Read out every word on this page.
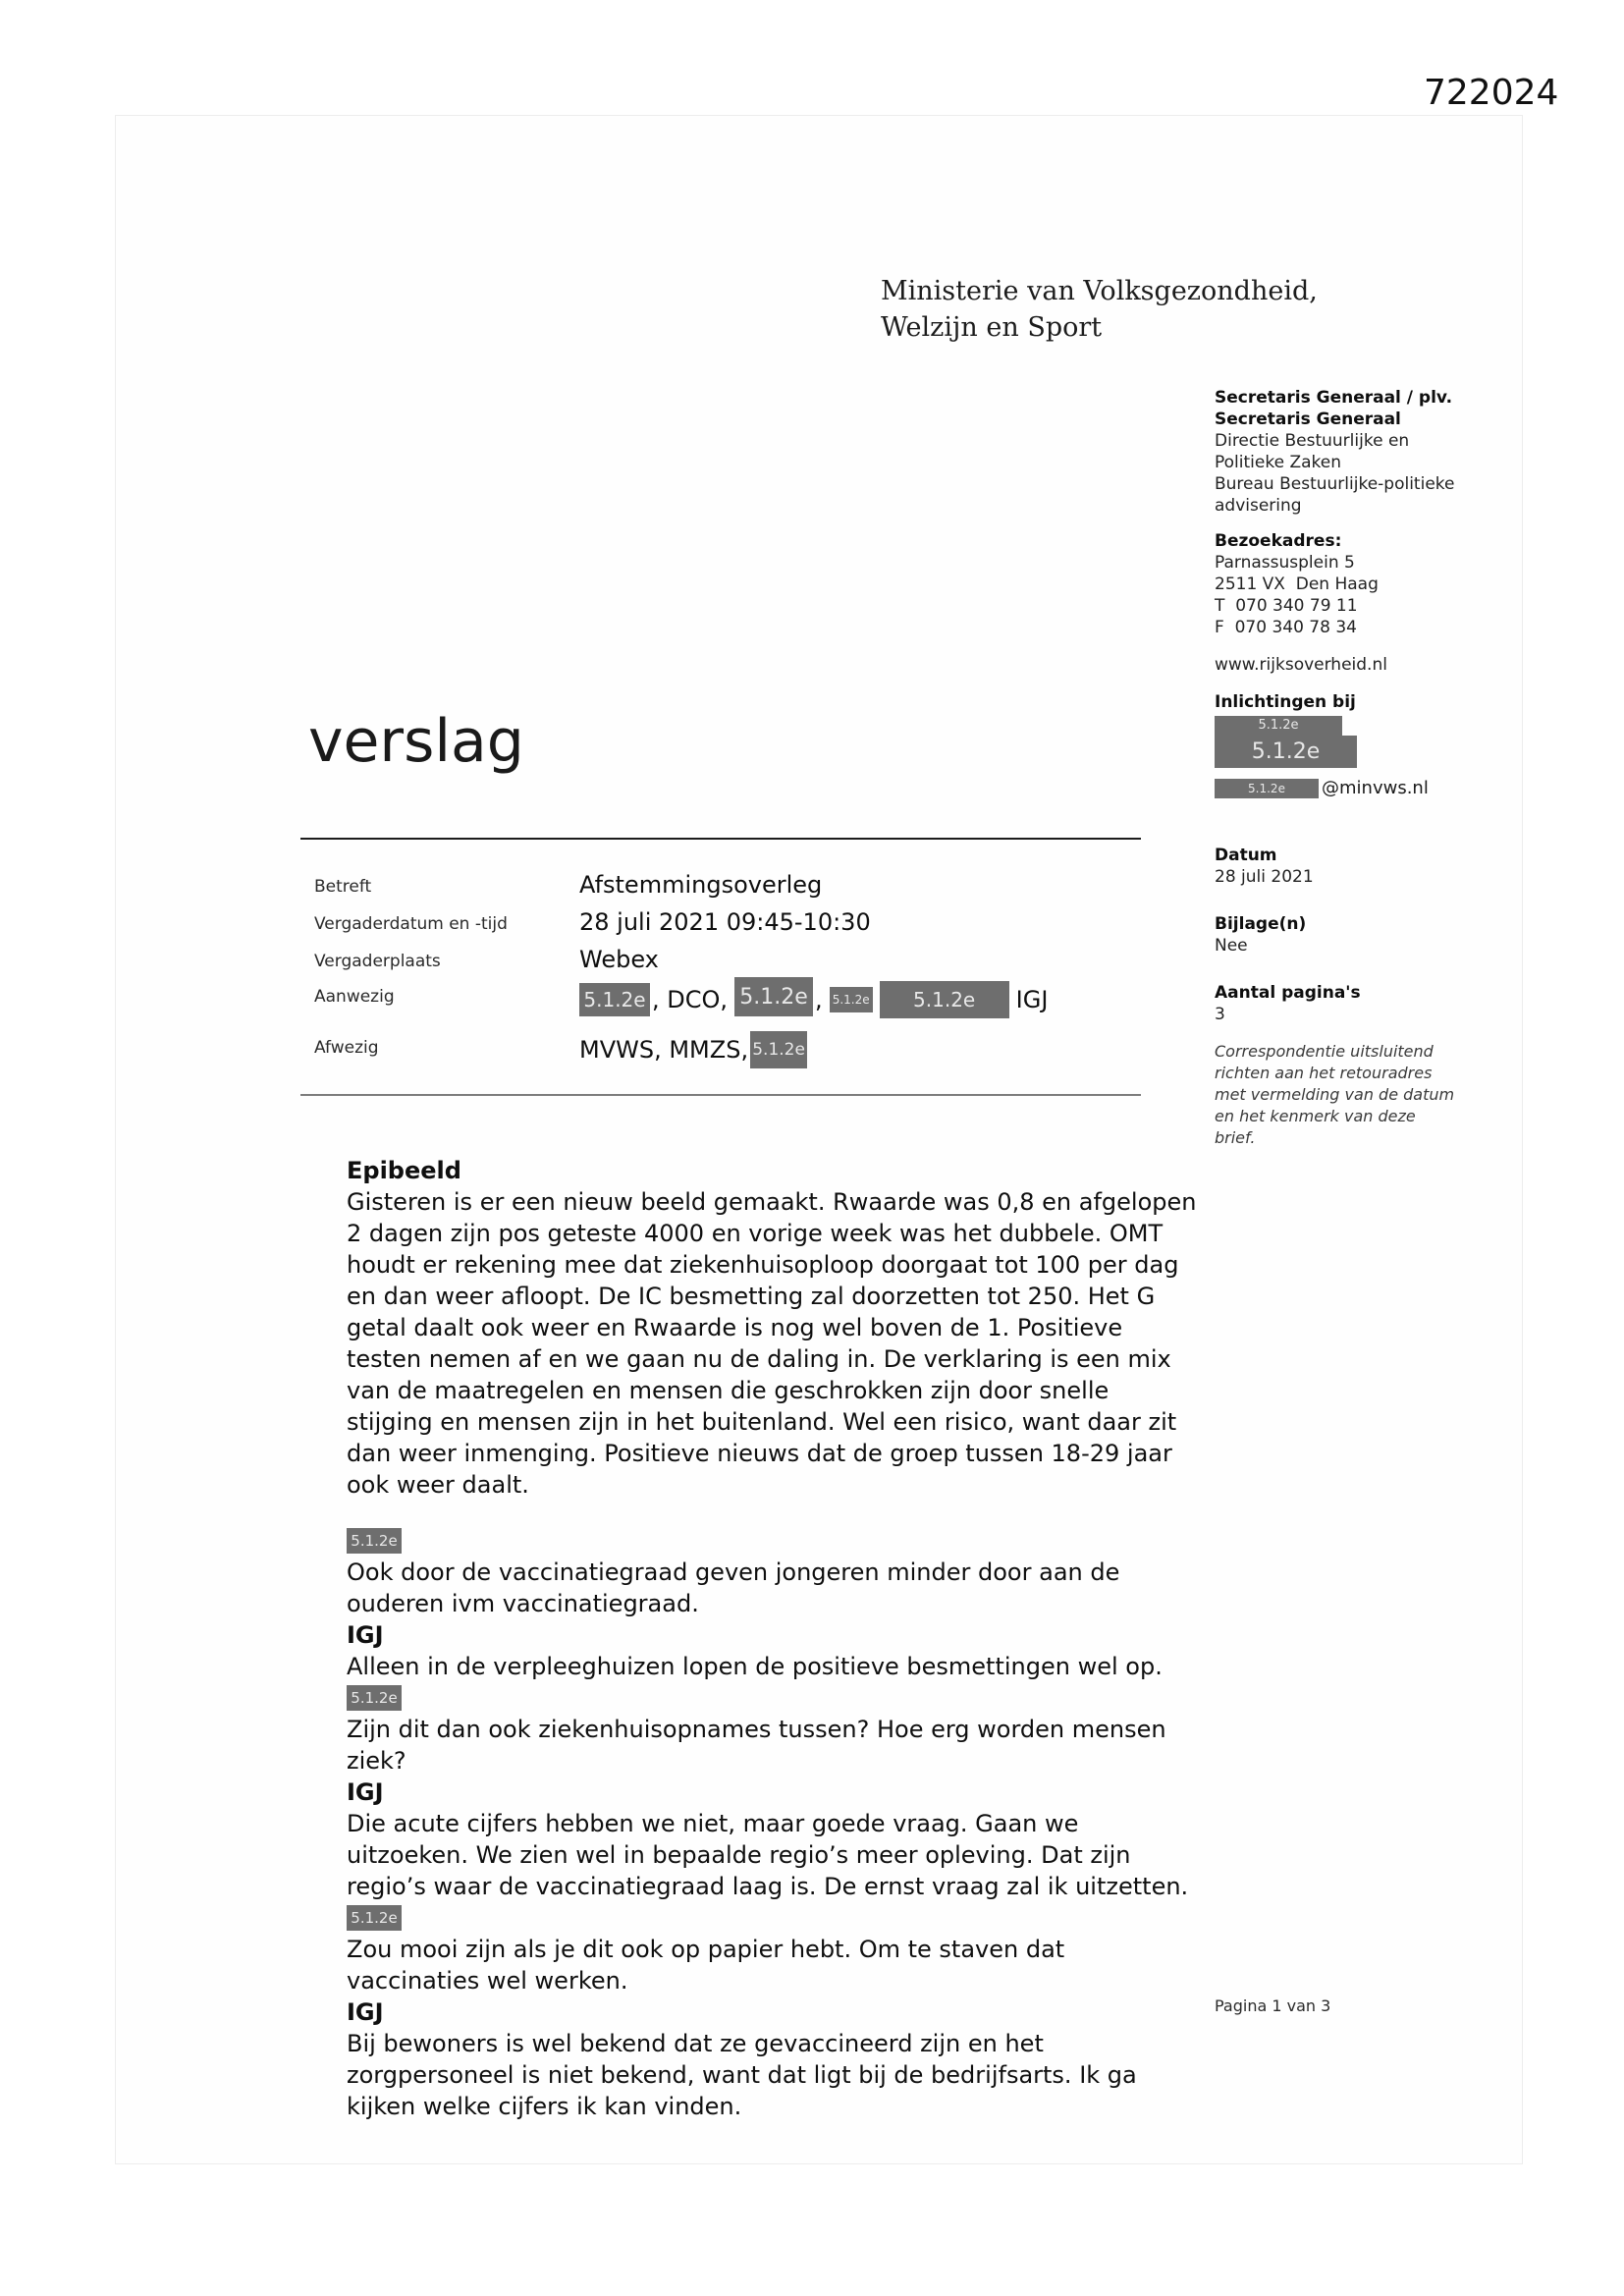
722024
Ministerie van Volksgezondheid,
Welzijn en Sport
verslag
Secretaris Generaal / plv.
Secretaris Generaal
Directie Bestuurlijke en
Politieke Zaken
Bureau Bestuurlijke-politieke
advisering
Bezoekadres:
Parnassusplein 5
2511 VX  Den Haag
T  070 340 79 11
F  070 340 78 34
www.rijksoverheid.nl
Inlichtingen bij
5.1.2e
5.1.2e
5.1.2e @minvws.nl
Datum
28 juli 2021
Bijlage(n)
Nee
Aantal pagina's
3
Correspondentie uitsluitend
richten aan het retouradres
met vermelding van de datum
en het kenmerk van deze
brief.
Betreft	Afstemmingsoverleg
Vergaderdatum en -tijd	28 juli 2021 09:45-10:30
Vergaderplaats	Webex
Aanwezig	5.1.2e , DCO, 5.1.2e , 5.1.2e 5.1.2e IGJ
Afwezig	MVWS, MMZS, 5.1.2e
Epibeeld

Gisteren is er een nieuw beeld gemaakt. Rwaarde was 0,8 en afgelopen 2 dagen zijn pos geteste 4000 en vorige week was het dubbele. OMT houdt er rekening mee dat ziekenhuisoploop doorgaat tot 100 per dag en dan weer afloopt. De IC besmetting zal doorzetten tot 250. Het G getal daalt ook weer en Rwaarde is nog wel boven de 1. Positieve testen nemen af en we gaan nu de daling in. De verklaring is een mix van de maatregelen en mensen die geschrokken zijn door snelle stijging en mensen zijn in het buitenland. Wel een risico, want daar zit dan weer inmenging. Positieve nieuws dat de groep tussen 18-29 jaar ook weer daalt.

5.1.2e

Ook door de vaccinatiegraad geven jongeren minder door aan de ouderen ivm vaccinatiegraad.

IGJ

Alleen in de verpleeghuizen lopen de positieve besmettingen wel op.

5.1.2e

Zijn dit dan ook ziekenhuisopnames tussen? Hoe erg worden mensen ziek?

IGJ

Die acute cijfers hebben we niet, maar goede vraag. Gaan we uitzoeken. We zien wel in bepaalde regio’s meer opleving. Dat zijn regio’s waar de vaccinatiegraad laag is. De ernst vraag zal ik uitzetten.

5.1.2e

Zou mooi zijn als je dit ook op papier hebt. Om te staven dat vaccinaties wel werken.

IGJ

Bij bewoners is wel bekend dat ze gevaccineerd zijn en het zorgpersoneel is niet bekend, want dat ligt bij de bedrijfsarts. Ik ga kijken welke cijfers ik kan vinden.

Pagina 1 van 3
